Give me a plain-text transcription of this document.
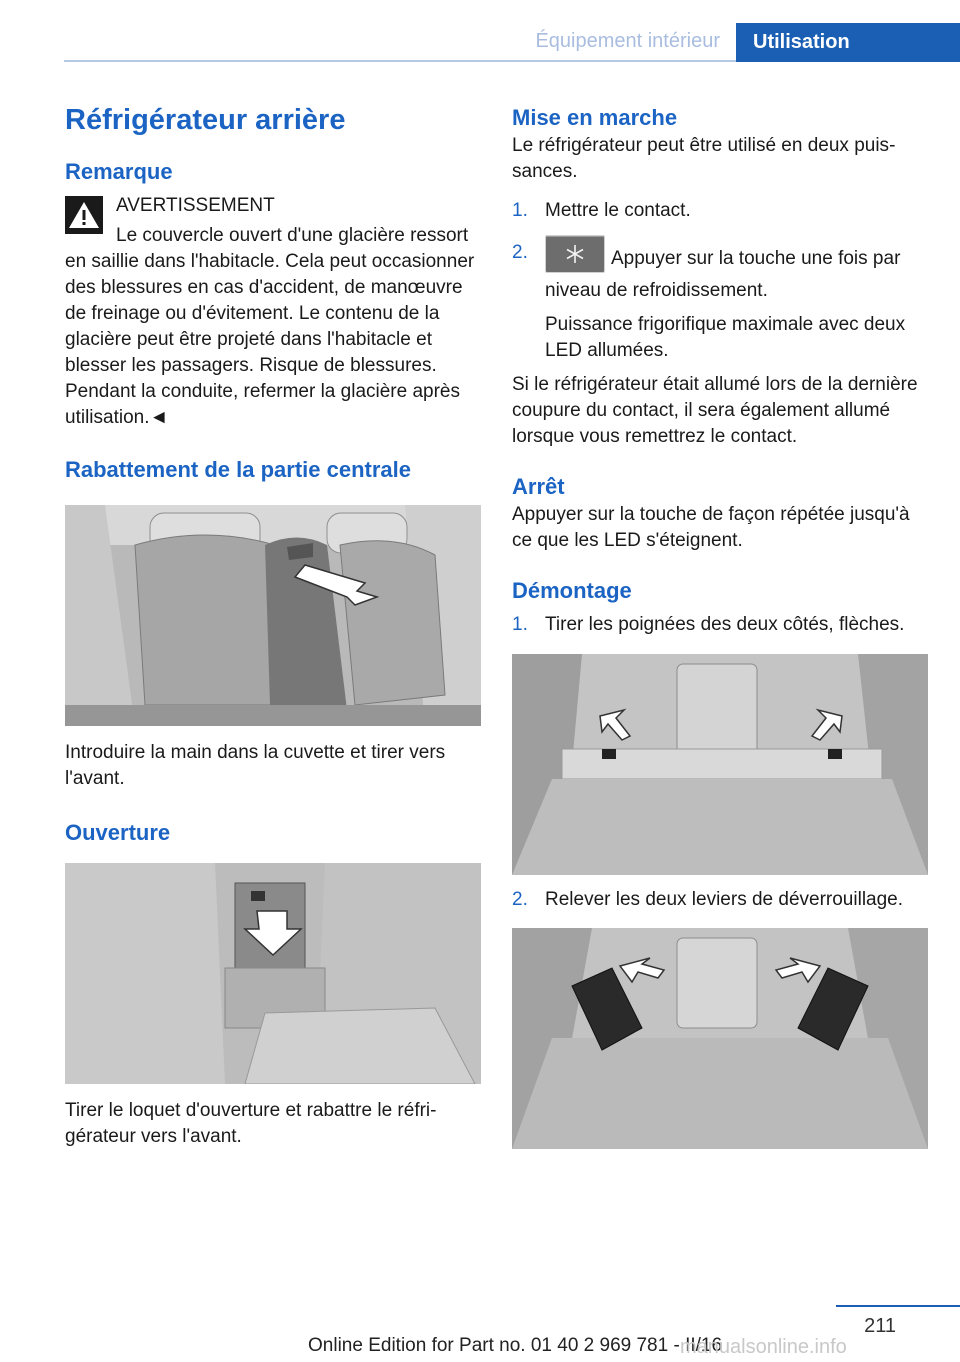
Équipement intérieur	Utilisation
Réfrigérateur arrière
Remarque

AVERTISSEMENT

Le couvercle ouvert d'une glacière ressort en saillie dans l'habitacle. Cela peut occasionner des blessures en cas d'accident, de manœuvre de freinage ou d'évitement. Le contenu de la glacière peut être projeté dans l'habitacle et blesser les passagers. Risque de blessures. Pendant la conduite, refermer la glacière après utilisation.◄

Rabattement de la partie centrale

Introduire la main dans la cuvette et tirer vers l'avant.

Ouverture

Tirer le loquet d'ouverture et rabattre le réfrigérateur vers l'avant.

Mise en marche

Le réfrigérateur peut être utilisé en deux puissances.

1. Mettre le contact.
2.	Appuyer sur la touche une fois par niveau de refroidissement.

Puissance frigorifique maximale avec deux LED allumées.

Si le réfrigérateur était allumé lors de la dernière coupure du contact, il sera également allumé lorsque vous remettrez le contact.

Arrêt

Appuyer sur la touche de façon répétée jusqu'à ce que les LED s'éteignent.

Démontage
1. Tirer les poignées des deux côtés, flèches.
2. Relever les deux leviers de déverrouillage.
211
Online Edition for Part no. 01 40 2 969 781 - II/16
manualsonline.info
